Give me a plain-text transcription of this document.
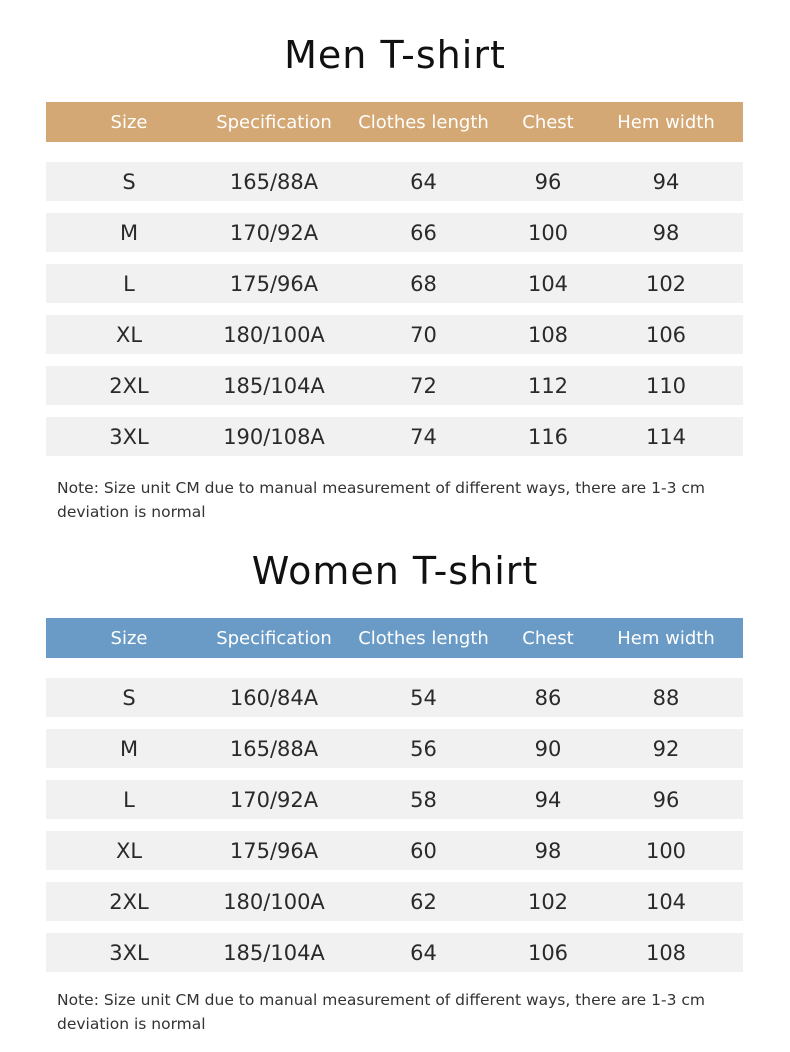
Men T-shirt
Size	Specification	Clothes length	Chest	Hem width
S	165/88A	64	96	94
M	170/92A	66	100	98
L	175/96A	68	104	102
XL	180/100A	70	108	106
2XL	185/104A	72	112	110
3XL	190/108A	74	116	114
Note: Size unit CM due to manual measurement of different ways, there are 1-3 cm deviation is normal
Women T-shirt
Size	Specification	Clothes length	Chest	Hem width
S	160/84A	54	86	88
M	165/88A	56	90	92
L	170/92A	58	94	96
XL	175/96A	60	98	100
2XL	180/100A	62	102	104
3XL	185/104A	64	106	108
Note: Size unit CM due to manual measurement of different ways, there are 1-3 cm deviation is normal
